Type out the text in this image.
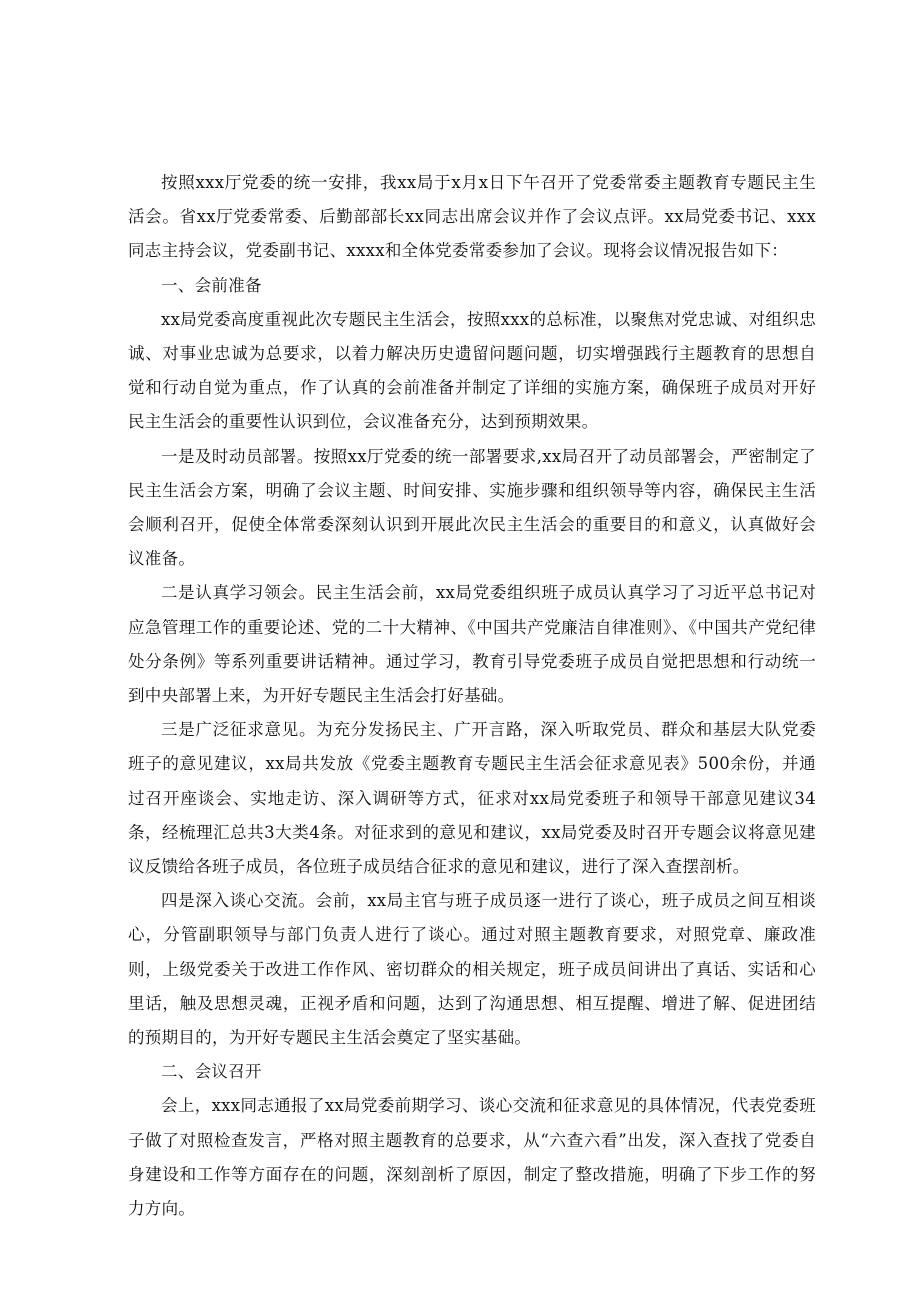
按照xxx厅党委的统一安排，我xx局于x月x日下午召开了党委常委主题教育专题民主生活会。省xx厅党委常委、后勤部部长xx同志出席会议并作了会议点评。xx局党委书记、xxx同志主持会议，党委副书记、xxxx和全体党委常委参加了会议。现将会议情况报告如下：

一、会前准备

xx局党委高度重视此次专题民主生活会，按照xxx的总标准，以聚焦对党忠诚、对组织忠诚、对事业忠诚为总要求，以着力解决历史遗留问题问题，切实增强践行主题教育的思想自觉和行动自觉为重点，作了认真的会前准备并制定了详细的实施方案，确保班子成员对开好民主生活会的重要性认识到位，会议准备充分，达到预期效果。

一是及时动员部署。按照xx厅党委的统一部署要求,xx局召开了动员部署会，严密制定了民主生活会方案，明确了会议主题、时间安排、实施步骤和组织领导等内容，确保民主生活会顺利召开，促使全体常委深刻认识到开展此次民主生活会的重要目的和意义，认真做好会议准备。

二是认真学习领会。民主生活会前，xx局党委组织班子成员认真学习了习近平总书记对应急管理工作的重要论述、党的二十大精神、《中国共产党廉洁自律准则》、《中国共产党纪律处分条例》等系列重要讲话精神。通过学习，教育引导党委班子成员自觉把思想和行动统一到中央部署上来，为开好专题民主生活会打好基础。

三是广泛征求意见。为充分发扬民主、广开言路，深入听取党员、群众和基层大队党委班子的意见建议，xx局共发放《党委主题教育专题民主生活会征求意见表》500余份，并通过召开座谈会、实地走访、深入调研等方式，征求对xx局党委班子和领导干部意见建议34条，经梳理汇总共3大类4条。对征求到的意见和建议，xx局党委及时召开专题会议将意见建议反馈给各班子成员，各位班子成员结合征求的意见和建议，进行了深入查摆剖析。

四是深入谈心交流。会前，xx局主官与班子成员逐一进行了谈心，班子成员之间互相谈心，分管副职领导与部门负责人进行了谈心。通过对照主题教育要求，对照党章、廉政准则，上级党委关于改进工作作风、密切群众的相关规定，班子成员间讲出了真话、实话和心里话，触及思想灵魂，正视矛盾和问题，达到了沟通思想、相互提醒、增进了解、促进团结的预期目的，为开好专题民主生活会奠定了坚实基础。

二、会议召开

会上，xxx同志通报了xx局党委前期学习、谈心交流和征求意见的具体情况，代表党委班子做了对照检查发言，严格对照主题教育的总要求，从“六查六看”出发，深入查找了党委自身建设和工作等方面存在的问题，深刻剖析了原因，制定了整改措施，明确了下步工作的努力方向。
